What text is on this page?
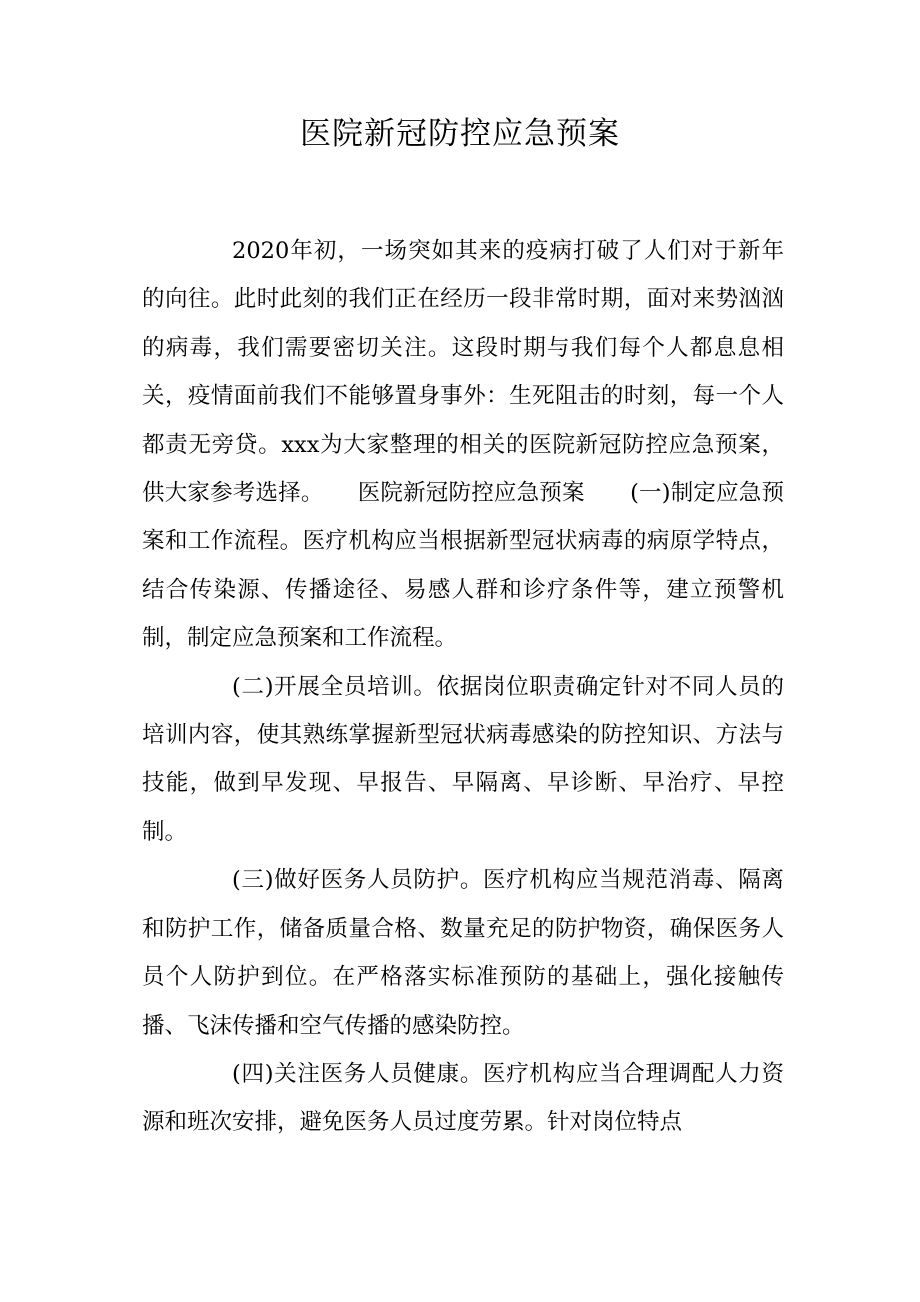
医院新冠防控应急预案

2020年初，一场突如其来的疫病打破了人们对于新年的向往。此时此刻的我们正在经历一段非常时期，面对来势汹汹的病毒，我们需要密切关注。这段时期与我们每个人都息息相关，疫情面前我们不能够置身事外：生死阻击的时刻，每一个人都责无旁贷。xxx为大家整理的相关的医院新冠防控应急预案，供大家参考选择。　　医院新冠防控应急预案　　(一)制定应急预案和工作流程。医疗机构应当根据新型冠状病毒的病原学特点，结合传染源、传播途径、易感人群和诊疗条件等，建立预警机制，制定应急预案和工作流程。

(二)开展全员培训。依据岗位职责确定针对不同人员的培训内容，使其熟练掌握新型冠状病毒感染的防控知识、方法与技能，做到早发现、早报告、早隔离、早诊断、早治疗、早控制。

(三)做好医务人员防护。医疗机构应当规范消毒、隔离和防护工作，储备质量合格、数量充足的防护物资，确保医务人员个人防护到位。在严格落实标准预防的基础上，强化接触传播、飞沫传播和空气传播的感染防控。

(四)关注医务人员健康。医疗机构应当合理调配人力资源和班次安排，避免医务人员过度劳累。针对岗位特点
